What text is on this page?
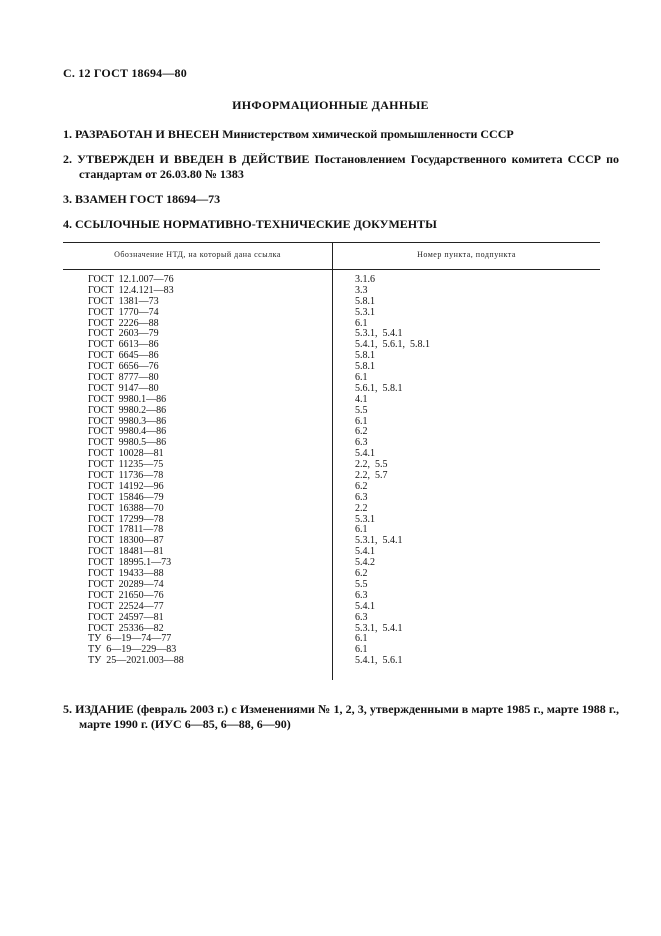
С. 12 ГОСТ 18694—80
ИНФОРМАЦИОННЫЕ ДАННЫЕ
1. РАЗРАБОТАН И ВНЕСЕН Министерством химической промышленности СССР
2. УТВЕРЖДЕН И ВВЕДЕН В ДЕЙСТВИЕ Постановлением Государственного комитета СССР по стандартам от 26.03.80 № 1383
3. ВЗАМЕН ГОСТ 18694—73
4. ССЫЛОЧНЫЕ НОРМАТИВНО-ТЕХНИЧЕСКИЕ ДОКУМЕНТЫ
Обозначение НТД, на который дана ссылка	Номер пункта, подпункта
ГОСТ  12.1.007—76
ГОСТ  12.4.121—83
ГОСТ  1381—73
ГОСТ  1770—74
ГОСТ  2226—88
ГОСТ  2603—79
ГОСТ  6613—86
ГОСТ  6645—86
ГОСТ  6656—76
ГОСТ  8777—80
ГОСТ  9147—80
ГОСТ  9980.1—86
ГОСТ  9980.2—86
ГОСТ  9980.3—86
ГОСТ  9980.4—86
ГОСТ  9980.5—86
ГОСТ  10028—81
ГОСТ  11235—75
ГОСТ  11736—78
ГОСТ  14192—96
ГОСТ  15846—79
ГОСТ  16388—70
ГОСТ  17299—78
ГОСТ  17811—78
ГОСТ  18300—87
ГОСТ  18481—81
ГОСТ  18995.1—73
ГОСТ  19433—88
ГОСТ  20289—74
ГОСТ  21650—76
ГОСТ  22524—77
ГОСТ  24597—81
ГОСТ  25336—82
ТУ  6—19—74—77
ТУ  6—19—229—83
ТУ  25—2021.003—88
3.1.6
3.3
5.8.1
5.3.1
6.1
5.3.1,  5.4.1
5.4.1,  5.6.1,  5.8.1
5.8.1
5.8.1
6.1
5.6.1,  5.8.1
4.1
5.5
6.1
6.2
6.3
5.4.1
2.2,  5.5
2.2,  5.7
6.2
6.3
2.2
5.3.1
6.1
5.3.1,  5.4.1
5.4.1
5.4.2
6.2
5.5
6.3
5.4.1
6.3
5.3.1,  5.4.1
6.1
6.1
5.4.1,  5.6.1
5. ИЗДАНИЕ (февраль 2003 г.) с Изменениями № 1, 2, 3, утвержденными в марте 1985 г., марте 1988 г., марте 1990 г. (ИУС 6—85, 6—88, 6—90)
